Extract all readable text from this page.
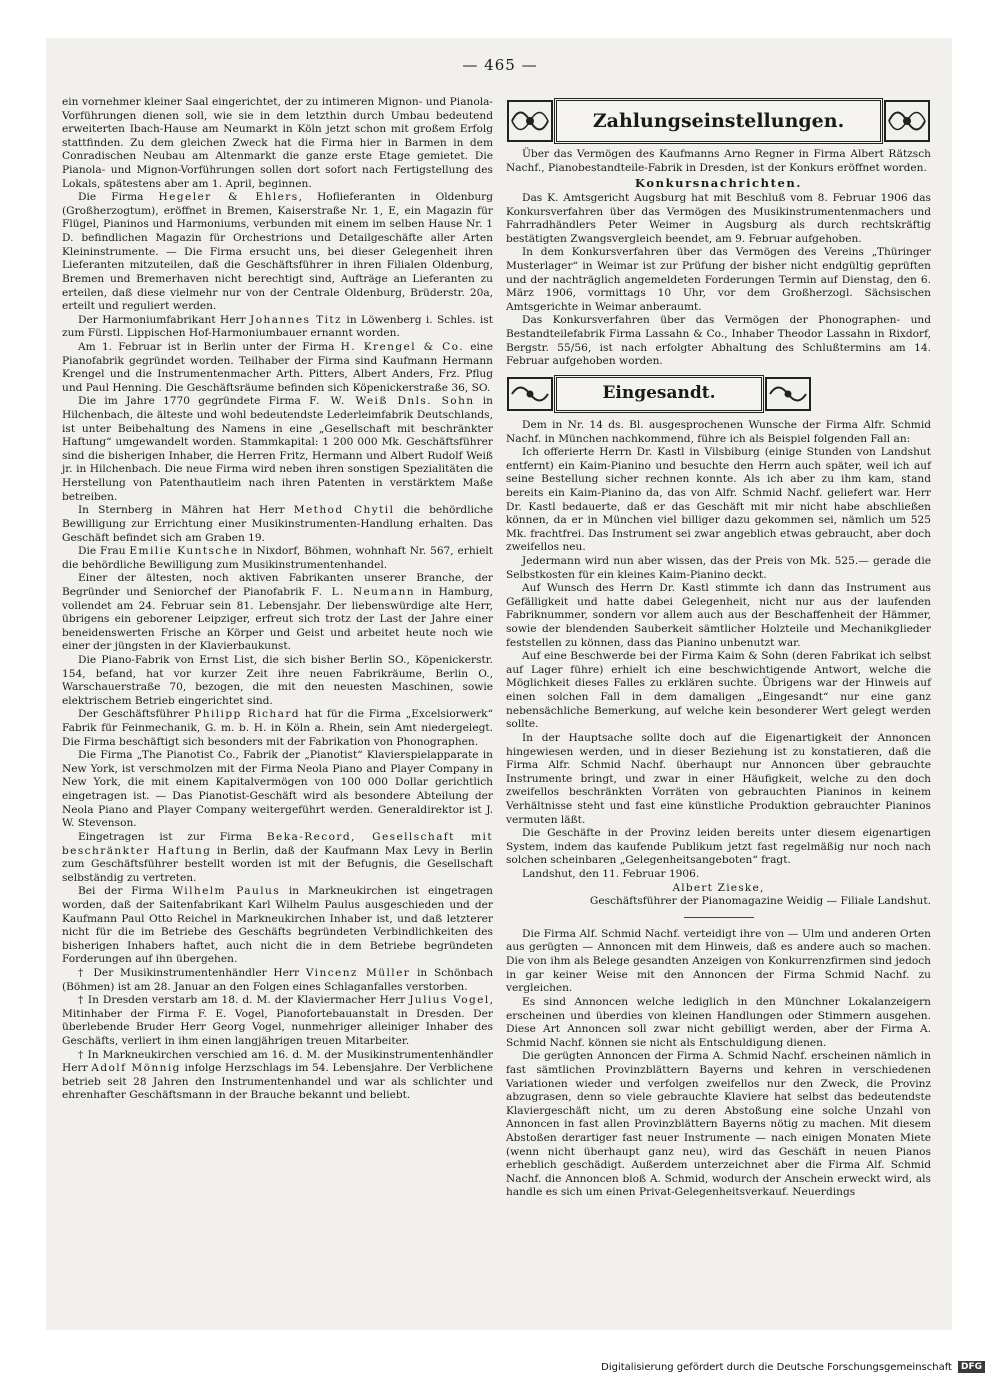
— 465 —

ein vornehmer kleiner Saal eingerichtet, der zu intimeren Mignon- und Pianola-Vorführungen dienen soll, wie sie in dem letzthin durch Umbau bedeutend erweiterten Ibach-Hause am Neumarkt in Köln jetzt schon mit großem Erfolg stattfinden. Zu dem gleichen Zweck hat die Firma hier in Barmen in dem Conradischen Neubau am Altenmarkt die ganze erste Etage gemietet. Die Pianola- und Mignon-Vorführungen sollen dort sofort nach Fertigstellung des Lokals, spätestens aber am 1. April, beginnen.

Die Firma Hegeler & Ehlers, Hoflieferanten in Oldenburg (Großherzogtum), eröffnet in Bremen, Kaiserstraße Nr. 1, E, ein Magazin für Flügel, Pianinos und Harmoniums, verbunden mit einem im selben Hause Nr. 1 D. befindlichen Magazin für Orchestrions und Detailgeschäfte aller Arten Kleininstrumente. — Die Firma ersucht uns, bei dieser Gelegenheit ihren Lieferanten mitzuteilen, daß die Geschäftsführer in ihren Filialen Oldenburg, Bremen und Bremerhaven nicht berechtigt sind, Aufträge an Lieferanten zu erteilen, daß diese vielmehr nur von der Centrale Oldenburg, Brüderstr. 20a, erteilt und reguliert werden.

Der Harmoniumfabrikant Herr Johannes Titz in Löwenberg i. Schles. ist zum Fürstl. Lippischen Hof-Harmoniumbauer ernannt worden.

Am 1. Februar ist in Berlin unter der Firma H. Krengel & Co. eine Pianofabrik gegründet worden. Teilhaber der Firma sind Kaufmann Hermann Krengel und die Instrumentenmacher Arth. Pitters, Albert Anders, Frz. Pflug und Paul Henning. Die Geschäftsräume befinden sich Köpenickerstraße 36, SO.

Die im Jahre 1770 gegründete Firma F. W. Weiß Dnls. Sohn in Hilchenbach, die älteste und wohl bedeutendste Lederleimfabrik Deutschlands, ist unter Beibehaltung des Namens in eine „Gesellschaft mit beschränkter Haftung“ umgewandelt worden. Stammkapital: 1 200 000 Mk. Geschäftsführer sind die bisherigen Inhaber, die Herren Fritz, Hermann und Albert Rudolf Weiß jr. in Hilchenbach. Die neue Firma wird neben ihren sonstigen Spezialitäten die Herstellung von Patenthautleim nach ihren Patenten in verstärktem Maße betreiben.

In Sternberg in Mähren hat Herr Method Chytil die behördliche Bewilligung zur Errichtung einer Musikinstrumenten-Handlung erhalten. Das Geschäft befindet sich am Graben 19.

Die Frau Emilie Kuntsche in Nixdorf, Böhmen, wohnhaft Nr. 567, erhielt die behördliche Bewilligung zum Musikinstrumentenhandel.

Einer der ältesten, noch aktiven Fabrikanten unserer Branche, der Begründer und Seniorchef der Pianofabrik F. L. Neumann in Hamburg, vollendet am 24. Februar sein 81. Lebensjahr. Der liebenswürdige alte Herr, übrigens ein geborener Leipziger, erfreut sich trotz der Last der Jahre einer beneidenswerten Frische an Körper und Geist und arbeitet heute noch wie einer der jüngsten in der Klavierbaukunst.

Die Piano-Fabrik von Ernst List, die sich bisher Berlin SO., Köpenickerstr. 154, befand, hat vor kurzer Zeit ihre neuen Fabrikräume, Berlin O., Warschauerstraße 70, bezogen, die mit den neuesten Maschinen, sowie elektrischem Betrieb eingerichtet sind.

Der Geschäftsführer Philipp Richard hat für die Firma „Excelsiorwerk“ Fabrik für Feinmechanik, G. m. b. H. in Köln a. Rhein, sein Amt niedergelegt. Die Firma beschäftigt sich besonders mit der Fabrikation von Phonographen.

Die Firma „The Pianotist Co., Fabrik der „Pianotist“ Klavierspielapparate in New York, ist verschmolzen mit der Firma Neola Piano and Player Company in New York, die mit einem Kapitalvermögen von 100 000 Dollar gerichtlich eingetragen ist. — Das Pianotist-Geschäft wird als besondere Abteilung der Neola Piano and Player Company weitergeführt werden. Generaldirektor ist J. W. Stevenson.

Eingetragen ist zur Firma Beka-Record, Gesellschaft mit beschränkter Haftung in Berlin, daß der Kaufmann Max Levy in Berlin zum Geschäftsführer bestellt worden ist mit der Befugnis, die Gesellschaft selbständig zu vertreten.

Bei der Firma Wilhelm Paulus in Markneukirchen ist eingetragen worden, daß der Saitenfabrikant Karl Wilhelm Paulus ausgeschieden und der Kaufmann Paul Otto Reichel in Markneukirchen Inhaber ist, und daß letzterer nicht für die im Betriebe des Geschäfts begründeten Verbindlichkeiten des bisherigen Inhabers haftet, auch nicht die in dem Betriebe begründeten Forderungen auf ihn übergehen.

† Der Musikinstrumentenhändler Herr Vincenz Müller in Schönbach (Böhmen) ist am 28. Januar an den Folgen eines Schlaganfalles verstorben.

† In Dresden verstarb am 18. d. M. der Klaviermacher Herr Julius Vogel, Mitinhaber der Firma F. E. Vogel, Pianofortebauanstalt in Dresden. Der überlebende Bruder Herr Georg Vogel, nunmehriger alleiniger Inhaber des Geschäfts, verliert in ihm einen langjährigen treuen Mitarbeiter.

† In Markneukirchen verschied am 16. d. M. der Musikinstrumentenhändler Herr Adolf Mönnig infolge Herzschlags im 54. Lebensjahre. Der Verblichene betrieb seit 28 Jahren den Instrumentenhandel und war als schlichter und ehrenhafter Geschäftsmann in der Brauche bekannt und beliebt.

Zahlungseinstellungen.

Über das Vermögen des Kaufmanns Arno Regner in Firma Albert Rätzsch Nachf., Pianobestandteile-Fabrik in Dresden, ist der Konkurs eröffnet worden.

Konkursnachrichten.

Das K. Amtsgericht Augsburg hat mit Beschluß vom 8. Februar 1906 das Konkursverfahren über das Vermögen des Musikinstrumentenmachers und Fahrradhändlers Peter Weimer in Augsburg als durch rechtskräftig bestätigten Zwangsvergleich beendet, am 9. Februar aufgehoben.

In dem Konkursverfahren über das Vermögen des Vereins „Thüringer Musterlager“ in Weimar ist zur Prüfung der bisher nicht endgültig geprüften und der nachträglich angemeldeten Forderungen Termin auf Dienstag, den 6. März 1906, vormittags 10 Uhr, vor dem Großherzogl. Sächsischen Amtsgerichte in Weimar anberaumt.

Das Konkursverfahren über das Vermögen der Phonographen- und Bestandteilefabrik Firma Lassahn & Co., Inhaber Theodor Lassahn in Rixdorf, Bergstr. 55/56, ist nach erfolgter Abhaltung des Schlußtermins am 14. Februar aufgehoben worden.

Eingesandt.

Dem in Nr. 14 ds. Bl. ausgesprochenen Wunsche der Firma Alfr. Schmid Nachf. in München nachkommend, führe ich als Beispiel folgenden Fall an:

Ich offerierte Herrn Dr. Kastl in Vilsbiburg (einige Stunden von Landshut entfernt) ein Kaim-Pianino und besuchte den Herrn auch später, weil ich auf seine Bestellung sicher rechnen konnte. Als ich aber zu ihm kam, stand bereits ein Kaim-Pianino da, das von Alfr. Schmid Nachf. geliefert war. Herr Dr. Kastl bedauerte, daß er das Geschäft mit mir nicht habe abschließen können, da er in München viel billiger dazu gekommen sei, nämlich um 525 Mk. frachtfrei. Das Instrument sei zwar angeblich etwas gebraucht, aber doch zweifellos neu.

Jedermann wird nun aber wissen, das der Preis von Mk. 525.— gerade die Selbstkosten für ein kleines Kaim-Pianino deckt.

Auf Wunsch des Herrn Dr. Kastl stimmte ich dann das Instrument aus Gefälligkeit und hatte dabei Gelegenheit, nicht nur aus der laufenden Fabriknummer, sondern vor allem auch aus der Beschaffenheit der Hämmer, sowie der blendenden Sauberkeit sämtlicher Holzteile und Mechanikglieder feststellen zu können, dass das Pianino unbenutzt war.

Auf eine Beschwerde bei der Firma Kaim & Sohn (deren Fabrikat ich selbst auf Lager führe) erhielt ich eine beschwichtigende Antwort, welche die Möglichkeit dieses Falles zu erklären suchte. Übrigens war der Hinweis auf einen solchen Fall in dem damaligen „Eingesandt“ nur eine ganz nebensächliche Bemerkung, auf welche kein besonderer Wert gelegt werden sollte.

In der Hauptsache sollte doch auf die Eigenartigkeit der Annoncen hingewiesen werden, und in dieser Beziehung ist zu konstatieren, daß die Firma Alfr. Schmid Nachf. überhaupt nur Annoncen über gebrauchte Instrumente bringt, und zwar in einer Häufigkeit, welche zu den doch zweifellos beschränkten Vorräten von gebrauchten Pianinos in keinem Verhältnisse steht und fast eine künstliche Produktion gebrauchter Pianinos vermuten läßt.

Die Geschäfte in der Provinz leiden bereits unter diesem eigenartigen System, indem das kaufende Publikum jetzt fast regelmäßig nur noch nach solchen scheinbaren „Gelegenheitsangeboten“ fragt.

Landshut, den 11. Februar 1906.

Albert Zieske,
Geschäftsführer der Pianomagazine Weidig — Filiale Landshut.

Die Firma Alf. Schmid Nachf. verteidigt ihre von — Ulm und anderen Orten aus gerügten — Annoncen mit dem Hinweis, daß es andere auch so machen. Die von ihm als Belege gesandten Anzeigen von Konkurrenzfirmen sind jedoch in gar keiner Weise mit den Annoncen der Firma Schmid Nachf. zu vergleichen.

Es sind Annoncen welche lediglich in den Münchner Lokalanzeigern erscheinen und überdies von kleinen Handlungen oder Stimmern ausgehen. Diese Art Annoncen soll zwar nicht gebilligt werden, aber der Firma A. Schmid Nachf. können sie nicht als Entschuldigung dienen.

Die gerügten Annoncen der Firma A. Schmid Nachf. erscheinen nämlich in fast sämtlichen Provinzblättern Bayerns und kehren in verschiedenen Variationen wieder und verfolgen zweifellos nur den Zweck, die Provinz abzugrasen, denn so viele gebrauchte Klaviere hat selbst das bedeutendste Klaviergeschäft nicht, um zu deren Abstoßung eine solche Unzahl von Annoncen in fast allen Provinzblättern Bayerns nötig zu machen. Mit diesem Abstoßen derartiger fast neuer Instrumente — nach einigen Monaten Miete (wenn nicht überhaupt ganz neu), wird das Geschäft in neuen Pianos erheblich geschädigt. Außerdem unterzeichnet aber die Firma Alf. Schmid Nachf. die Annoncen bloß A. Schmid, wodurch der Anschein erweckt wird, als handle es sich um einen Privat-Gelegenheitsverkauf. Neuerdings

Digitalisierung gefördert durch die Deutsche Forschungsgemeinschaft	DFG
